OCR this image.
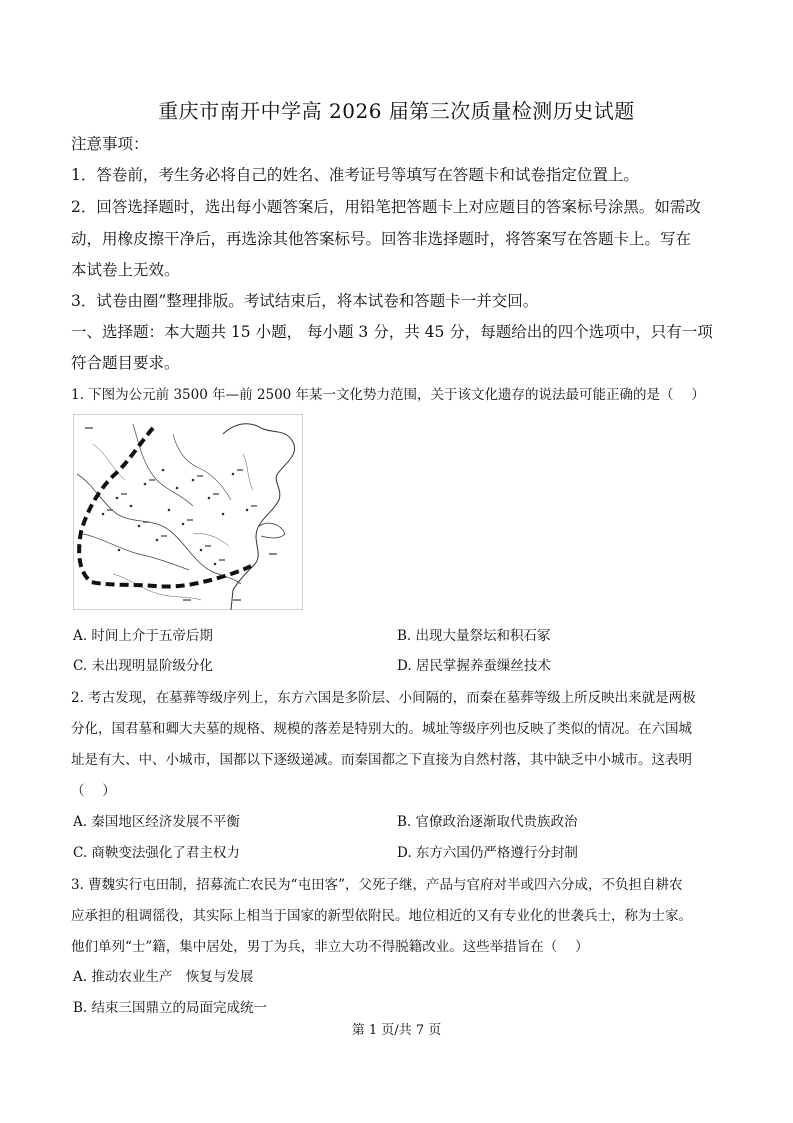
重庆市南开中学高 2026 届第三次质量检测历史试题
注意事项：
1．答卷前，考生务必将自己的姓名、准考证号等填写在答题卡和试卷指定位置上。
2．回答选择题时，选出每小题答案后，用铅笔把答题卡上对应题目的答案标号涂黑。如需改
动，用橡皮擦干净后，再选涂其他答案标号。回答非选择题时，将答案写在答题卡上。写在
本试卷上无效。
3．试卷由圈”整理排版。考试结束后，将本试卷和答题卡一并交回。
一、选择题：本大题共 15 小题， 每小题 3 分，共 45 分，每题给出的四个选项中，只有一项
符合题目要求。
1. 下图为公元前 3500 年—前 2500 年某一文化势力范围，关于该文化遗存的说法最可能正确的是（　 ）
A. 时间上介于五帝后期	B. 出现大量祭坛和积石冢
C. 未出现明显阶级分化	D. 居民掌握养蚕缫丝技术
2. 考古发现，在墓葬等级序列上，东方六国是多阶层、小间隔的，而秦在墓葬等级上所反映出来就是两极
分化，国君墓和卿大夫墓的规格、规模的落差是特别大的。城址等级序列也反映了类似的情况。在六国城
址是有大、中、小城市，国都以下逐级递减。而秦国都之下直接为自然村落，其中缺乏中小城市。这表明
（　 ）
A. 秦国地区经济发展不平衡	B. 官僚政治逐渐取代贵族政治
C. 商鞅变法强化了君主权力	D. 东方六国仍严格遵行分封制
3. 曹魏实行屯田制，招募流亡农民为“屯田客”，父死子继，产品与官府对半或四六分成，不负担自耕农
应承担的租调徭役，其实际上相当于国家的新型依附民。地位相近的又有专业化的世袭兵士，称为士家。
他们单列“士”籍，集中居处，男丁为兵，非立大功不得脱籍改业。这些举措旨在（　 ）
A. 推动农业生产　恢复与发展
B. 结束三国鼎立的局面完成统一
第 1 页/共 7 页
